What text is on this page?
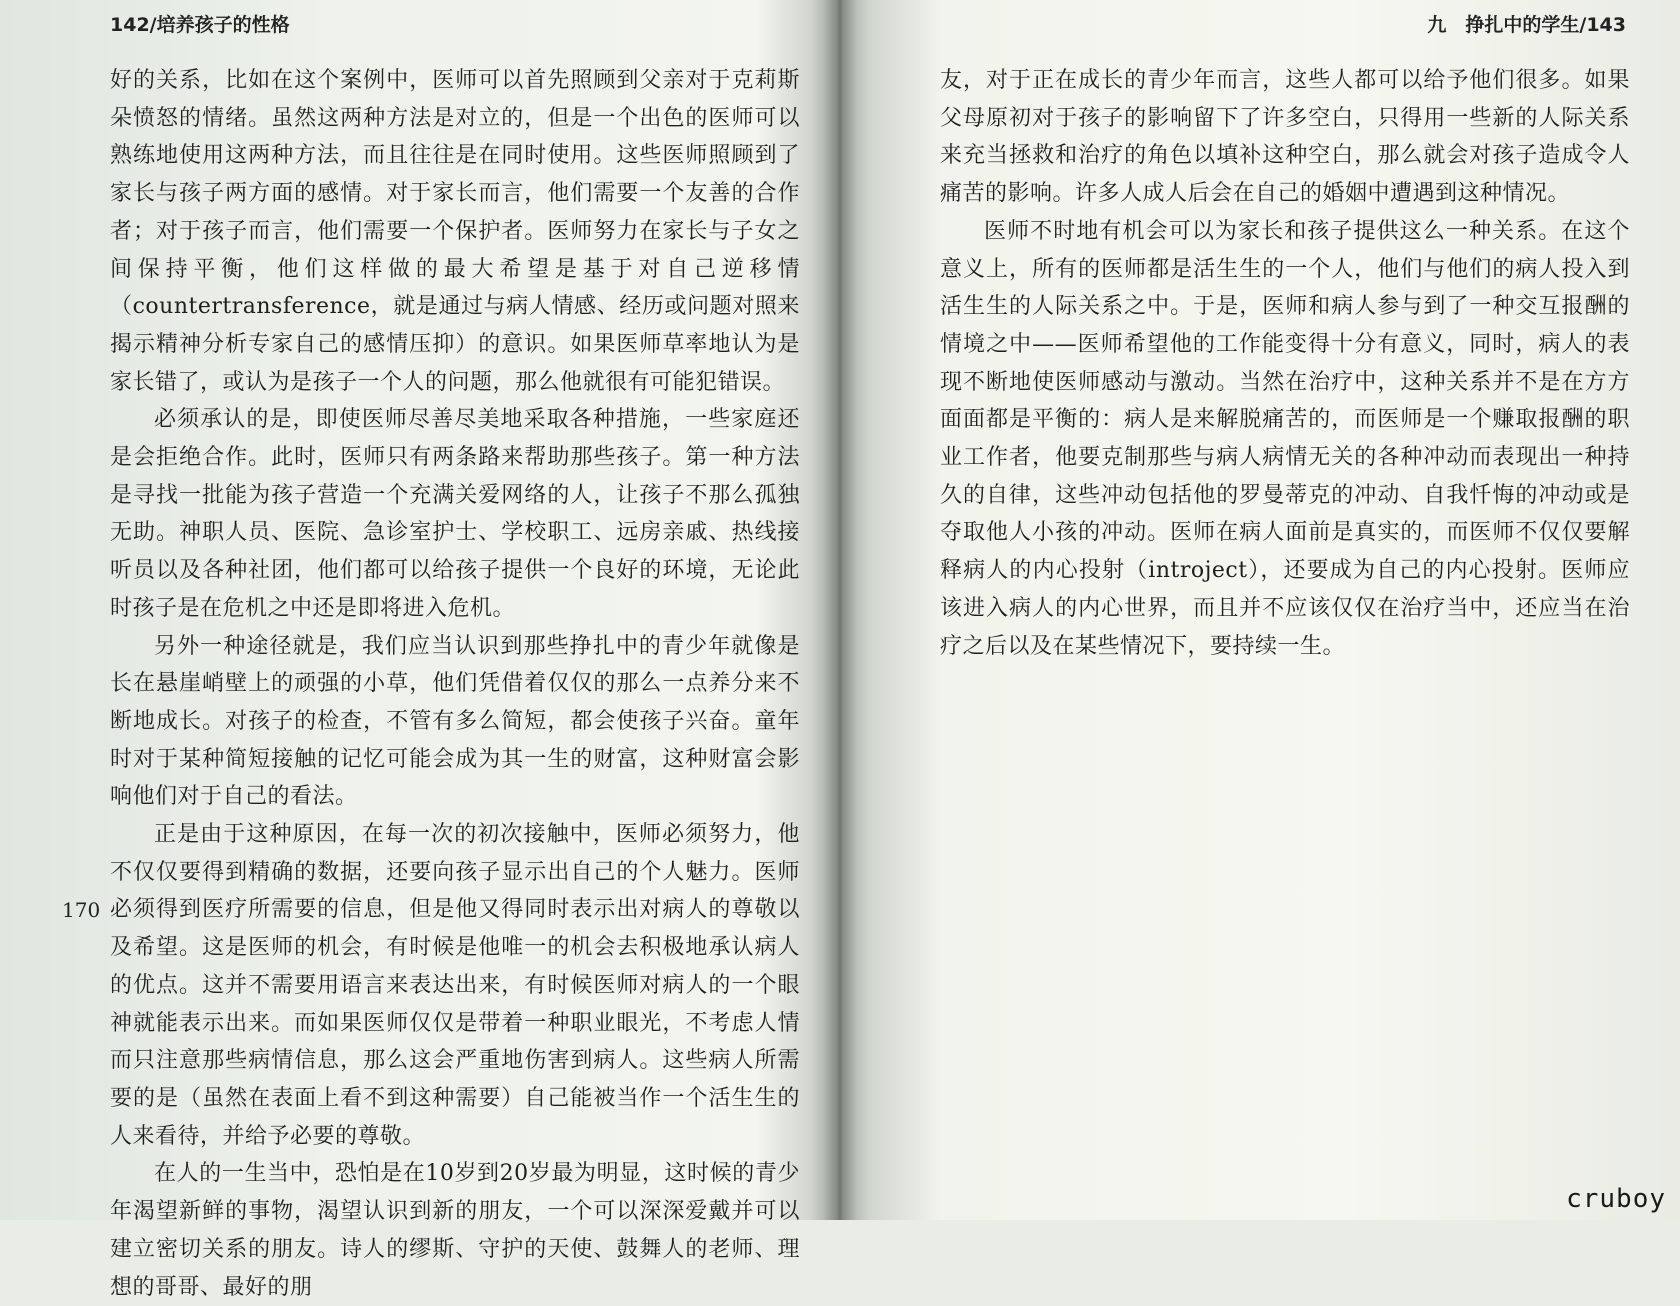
142/培养孩子的性格

好的关系，比如在这个案例中，医师可以首先照顾到父亲对于克莉斯朵愤怒的情绪。虽然这两种方法是对立的，但是一个出色的医师可以熟练地使用这两种方法，而且往往是在同时使用。这些医师照顾到了家长与孩子两方面的感情。对于家长而言，他们需要一个友善的合作者；对于孩子而言，他们需要一个保护者。医师努力在家长与子女之间保持平衡，他们这样做的最大希望是基于对自己逆移情（countertransference，就是通过与病人情感、经历或问题对照来揭示精神分析专家自己的感情压抑）的意识。如果医师草率地认为是家长错了，或认为是孩子一个人的问题，那么他就很有可能犯错误。

必须承认的是，即使医师尽善尽美地采取各种措施，一些家庭还是会拒绝合作。此时，医师只有两条路来帮助那些孩子。第一种方法是寻找一批能为孩子营造一个充满关爱网络的人，让孩子不那么孤独无助。神职人员、医院、急诊室护士、学校职工、远房亲戚、热线接听员以及各种社团，他们都可以给孩子提供一个良好的环境，无论此时孩子是在危机之中还是即将进入危机。

另外一种途径就是，我们应当认识到那些挣扎中的青少年就像是长在悬崖峭壁上的顽强的小草，他们凭借着仅仅的那么一点养分来不断地成长。对孩子的检查，不管有多么简短，都会使孩子兴奋。童年时对于某种简短接触的记忆可能会成为其一生的财富，这种财富会影响他们对于自己的看法。

正是由于这种原因，在每一次的初次接触中，医师必须努力，他不仅仅要得到精确的数据，还要向孩子显示出自己的个人魅力。医师必须得到医疗所需要的信息，但是他又得同时表示出对病人的尊敬以及希望。这是医师的机会，有时候是他唯一的机会去积极地承认病人的优点。这并不需要用语言来表达出来，有时候医师对病人的一个眼神就能表示出来。而如果医师仅仅是带着一种职业眼光，不考虑人情而只注意那些病情信息，那么这会严重地伤害到病人。这些病人所需要的是（虽然在表面上看不到这种需要）自己能被当作一个活生生的人来看待，并给予必要的尊敬。

在人的一生当中，恐怕是在10岁到20岁最为明显，这时候的青少年渴望新鲜的事物，渴望认识到新的朋友，一个可以深深爱戴并可以建立密切关系的朋友。诗人的缪斯、守护的天使、鼓舞人的老师、理想的哥哥、最好的朋

170
九　挣扎中的学生/143

友，对于正在成长的青少年而言，这些人都可以给予他们很多。如果父母原初对于孩子的影响留下了许多空白，只得用一些新的人际关系来充当拯救和治疗的角色以填补这种空白，那么就会对孩子造成令人痛苦的影响。许多人成人后会在自己的婚姻中遭遇到这种情况。

医师不时地有机会可以为家长和孩子提供这么一种关系。在这个意义上，所有的医师都是活生生的一个人，他们与他们的病人投入到活生生的人际关系之中。于是，医师和病人参与到了一种交互报酬的情境之中——医师希望他的工作能变得十分有意义，同时，病人的表现不断地使医师感动与激动。当然在治疗中，这种关系并不是在方方面面都是平衡的：病人是来解脱痛苦的，而医师是一个赚取报酬的职业工作者，他要克制那些与病人病情无关的各种冲动而表现出一种持久的自律，这些冲动包括他的罗曼蒂克的冲动、自我忏悔的冲动或是夺取他人小孩的冲动。医师在病人面前是真实的，而医师不仅仅要解释病人的内心投射（introject），还要成为自己的内心投射。医师应该进入病人的内心世界，而且并不应该仅仅在治疗当中，还应当在治疗之后以及在某些情况下，要持续一生。

cruboy
